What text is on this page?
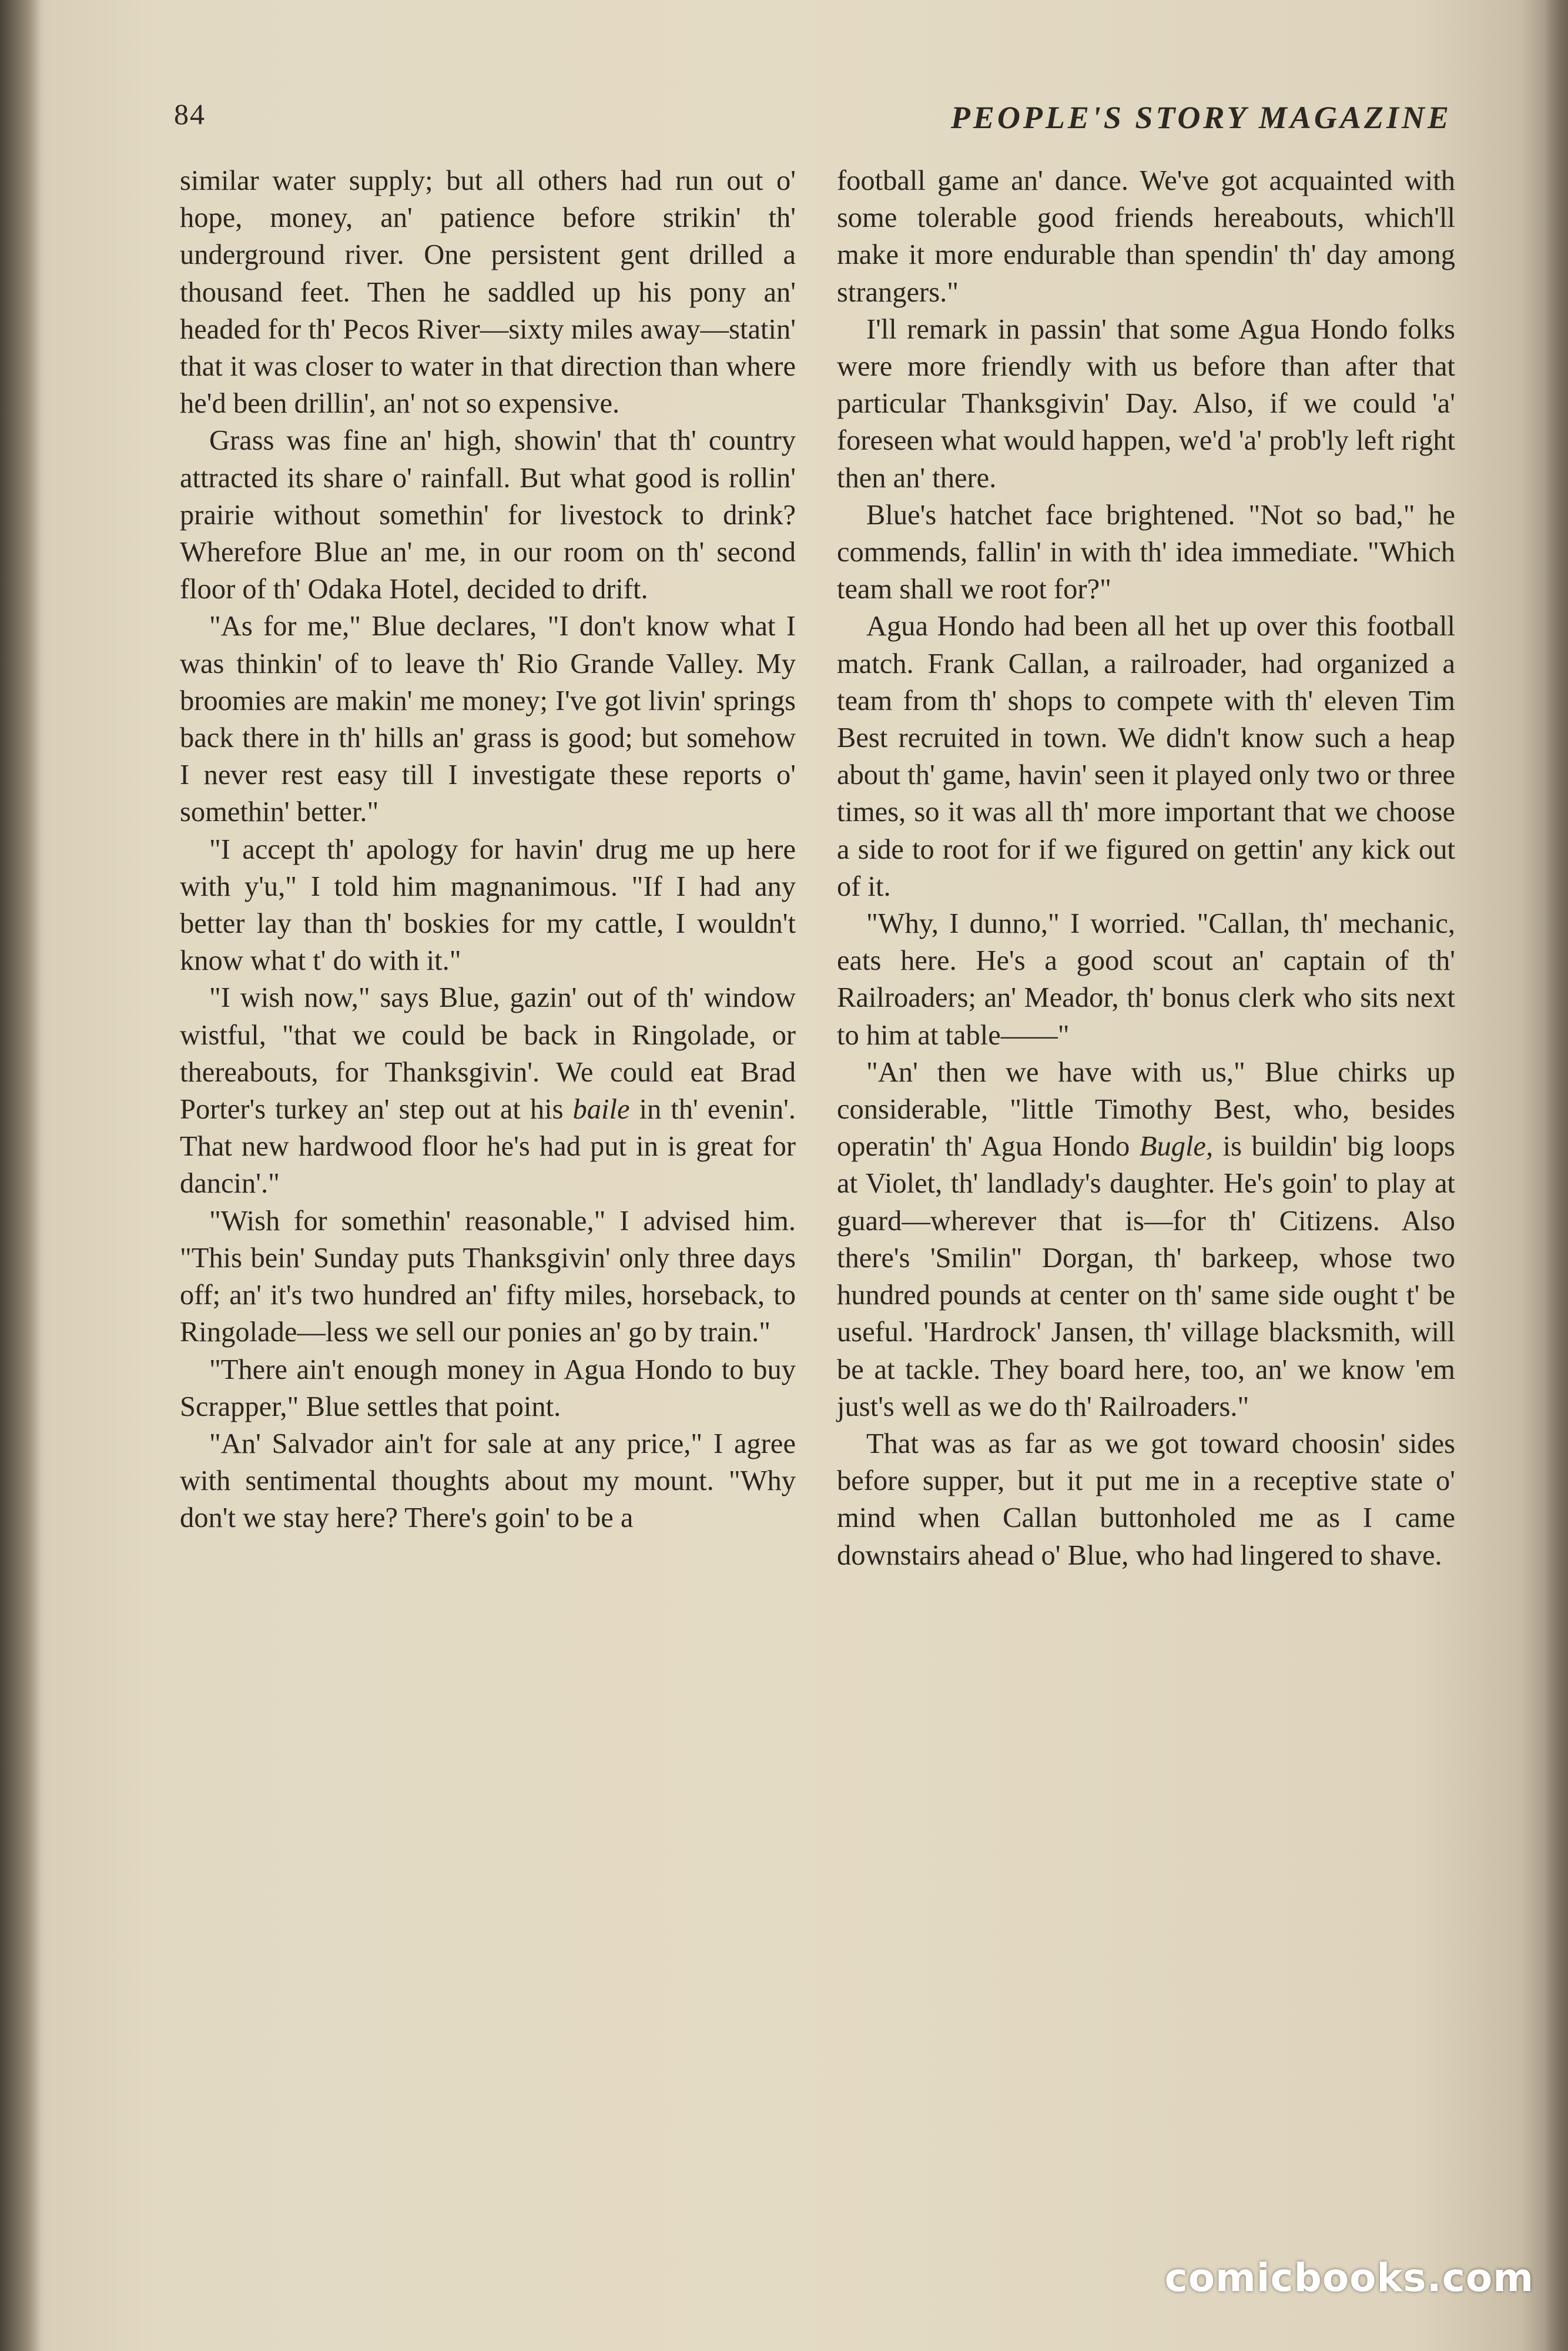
84	PEOPLE'S STORY MAGAZINE

similar water supply; but all others had run out o' hope, money, an' patience before strikin' th' underground river. One persistent gent drilled a thousand feet. Then he saddled up his pony an' headed for th' Pecos River—sixty miles away—statin' that it was closer to water in that direction than where he'd been drillin', an' not so expensive.

Grass was fine an' high, showin' that th' country attracted its share o' rainfall. But what good is rollin' prairie without somethin' for livestock to drink? Wherefore Blue an' me, in our room on th' second floor of th' Odaka Hotel, decided to drift.

"As for me," Blue declares, "I don't know what I was thinkin' of to leave th' Rio Grande Valley. My broomies are makin' me money; I've got livin' springs back there in th' hills an' grass is good; but somehow I never rest easy till I investigate these reports o' somethin' better."

"I accept th' apology for havin' drug me up here with y'u," I told him magnanimous. "If I had any better lay than th' boskies for my cattle, I wouldn't know what t' do with it."

"I wish now," says Blue, gazin' out of th' window wistful, "that we could be back in Ringolade, or thereabouts, for Thanksgivin'. We could eat Brad Porter's turkey an' step out at his baile in th' evenin'. That new hardwood floor he's had put in is great for dancin'."

"Wish for somethin' reasonable," I advised him. "This bein' Sunday puts Thanksgivin' only three days off; an' it's two hundred an' fifty miles, horseback, to Ringolade—less we sell our ponies an' go by train."

"There ain't enough money in Agua Hondo to buy Scrapper," Blue settles that point.

"An' Salvador ain't for sale at any price," I agree with sentimental thoughts about my mount. "Why don't we stay here? There's goin' to be a

football game an' dance. We've got acquainted with some tolerable good friends hereabouts, which'll make it more endurable than spendin' th' day among strangers."

I'll remark in passin' that some Agua Hondo folks were more friendly with us before than after that particular Thanksgivin' Day. Also, if we could 'a' foreseen what would happen, we'd 'a' prob'ly left right then an' there.

Blue's hatchet face brightened. "Not so bad," he commends, fallin' in with th' idea immediate. "Which team shall we root for?"

Agua Hondo had been all het up over this football match. Frank Callan, a railroader, had organized a team from th' shops to compete with th' eleven Tim Best recruited in town. We didn't know such a heap about th' game, havin' seen it played only two or three times, so it was all th' more important that we choose a side to root for if we figured on gettin' any kick out of it.

"Why, I dunno," I worried. "Callan, th' mechanic, eats here. He's a good scout an' captain of th' Railroaders; an' Meador, th' bonus clerk who sits next to him at table——"

"An' then we have with us," Blue chirks up considerable, "little Timothy Best, who, besides operatin' th' Agua Hondo Bugle, is buildin' big loops at Violet, th' landlady's daughter. He's goin' to play at guard—wherever that is—for th' Citizens. Also there's 'Smilin'' Dorgan, th' barkeep, whose two hundred pounds at center on th' same side ought t' be useful. 'Hardrock' Jansen, th' village blacksmith, will be at tackle. They board here, too, an' we know 'em just's well as we do th' Railroaders."

That was as far as we got toward choosin' sides before supper, but it put me in a receptive state o' mind when Callan buttonholed me as I came downstairs ahead o' Blue, who had lingered to shave.

comicbooks.com
